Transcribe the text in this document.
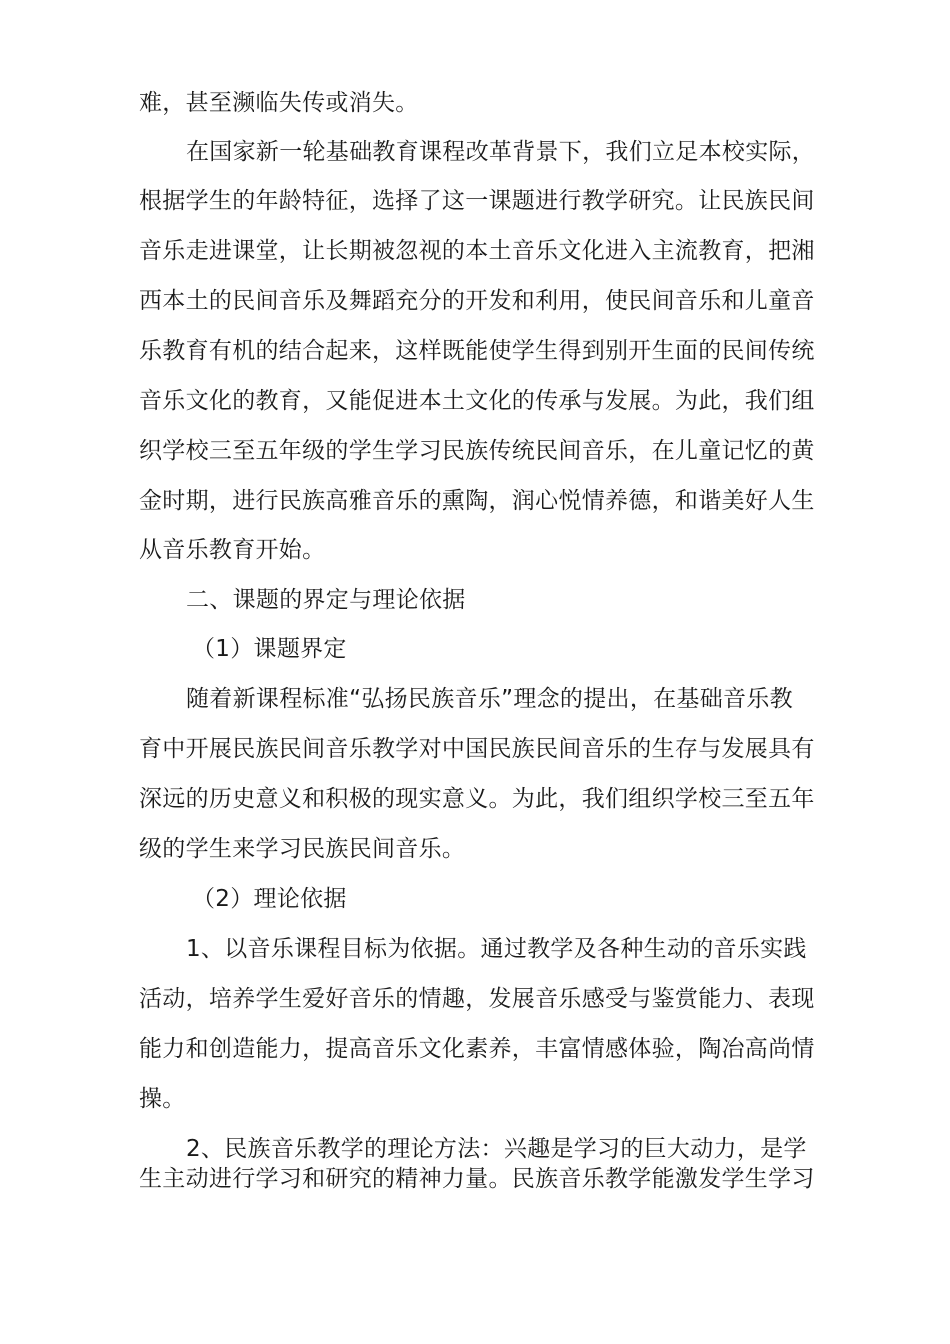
难，甚至濒临失传或消失。
在国家新一轮基础教育课程改革背景下，我们立足本校实际，
根据学生的年龄特征，选择了这一课题进行教学研究。让民族民间
音乐走进课堂，让长期被忽视的本土音乐文化进入主流教育，把湘
西本土的民间音乐及舞蹈充分的开发和利用，使民间音乐和儿童音
乐教育有机的结合起来，这样既能使学生得到别开生面的民间传统
音乐文化的教育，又能促进本土文化的传承与发展。为此，我们组
织学校三至五年级的学生学习民族传统民间音乐，在儿童记忆的黄
金时期，进行民族高雅音乐的熏陶，润心悦情养德，和谐美好人生
从音乐教育开始。
二、课题的界定与理论依据
（1）课题界定
随着新课程标准“弘扬民族音乐”理念的提出，在基础音乐教
育中开展民族民间音乐教学对中国民族民间音乐的生存与发展具有
深远的历史意义和积极的现实意义。为此，我们组织学校三至五年
级的学生来学习民族民间音乐。
（2）理论依据
1、以音乐课程目标为依据。通过教学及各种生动的音乐实践
活动，培养学生爱好音乐的情趣，发展音乐感受与鉴赏能力、表现
能力和创造能力，提高音乐文化素养，丰富情感体验，陶冶高尚情
操。
2、民族音乐教学的理论方法：兴趣是学习的巨大动力，是学
生主动进行学习和研究的精神力量。民族音乐教学能激发学生学习
